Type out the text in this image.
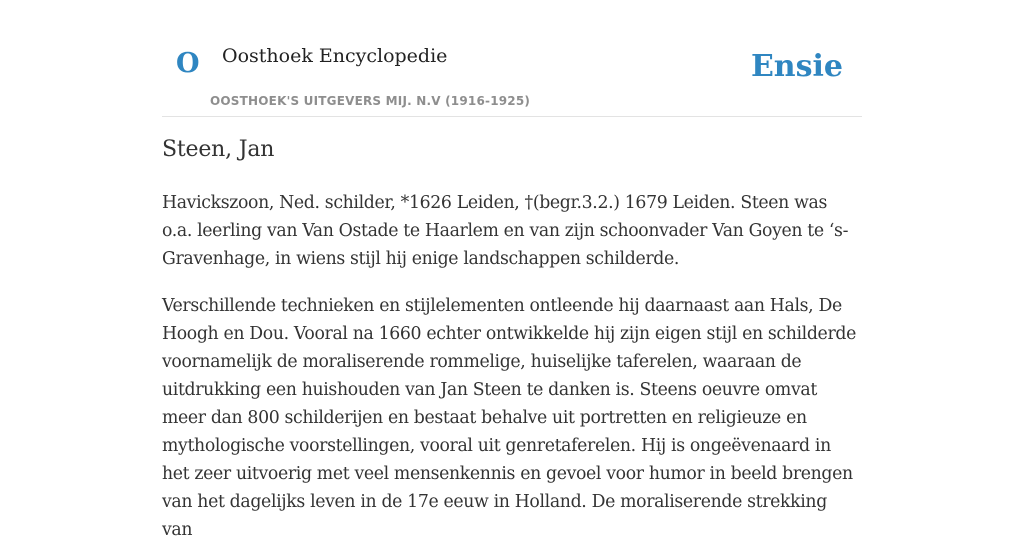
O Oosthoek Encyclopedie
OOSTHOEK'S UITGEVERS MIJ. N.V (1916-1925)
Ensie
Steen, Jan

Havickszoon, Ned. schilder, *1626 Leiden, †(begr.3.2.) 1679 Leiden. Steen was o.a. leerling van Van Ostade te Haarlem en van zijn schoonvader Van Goyen te ‘s-Gravenhage, in wiens stijl hij enige landschappen schilderde.

Verschillende technieken en stijlelementen ontleende hij daarnaast aan Hals, De Hoogh en Dou. Vooral na 1660 echter ontwikkelde hij zijn eigen stijl en schilderde voornamelijk de moraliserende rommelige, huiselijke taferelen, waaraan de uitdrukking een huishouden van Jan Steen te danken is. Steens oeuvre omvat meer dan 800 schilderijen en bestaat behalve uit portretten en religieuze en mythologische voorstellingen, vooral uit genretaferelen. Hij is ongeëvenaard in het zeer uitvoerig met veel mensenkennis en gevoel voor humor in beeld brengen van het dagelijks leven in de 17e eeuw in Holland. De moraliserende strekking van
